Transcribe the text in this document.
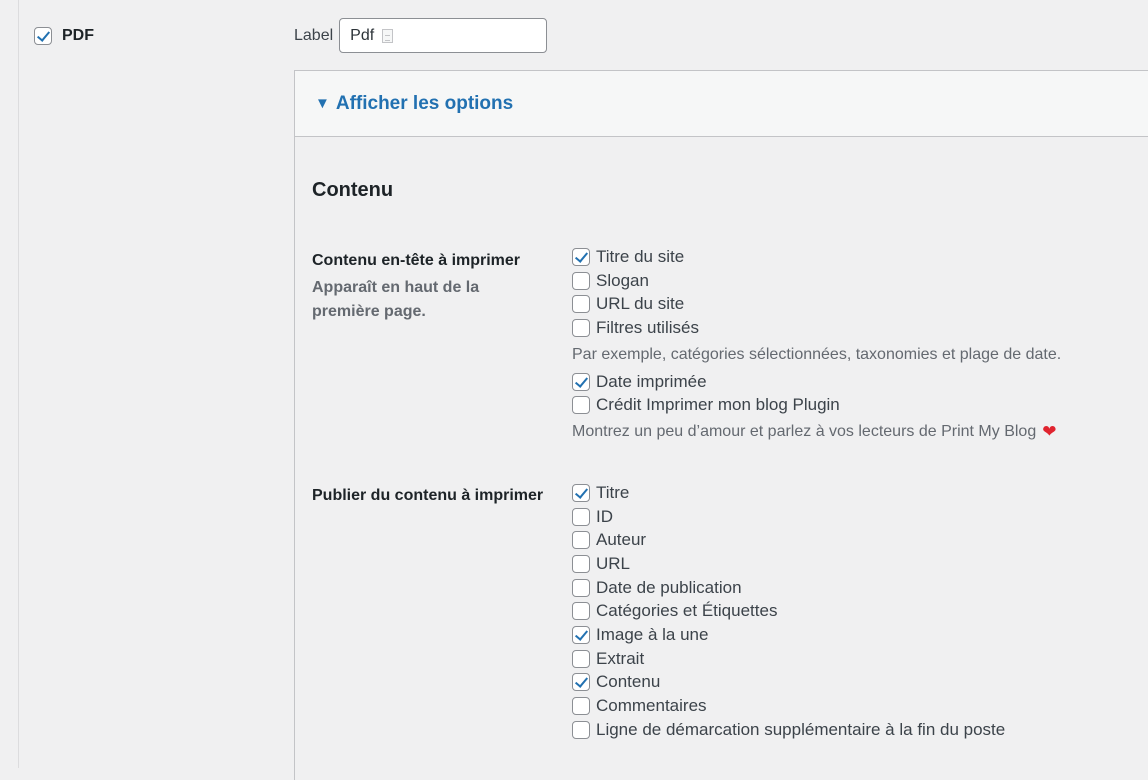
PDF	Label Pdf
▼ Afficher les options
Contenu
Contenu en-tête à imprimer
Apparaît en haut de la première page.
Titre du site
Slogan
URL du site
Filtres utilisés
Par exemple, catégories sélectionnées, taxonomies et plage de date.
Date imprimée
Crédit Imprimer mon blog Plugin
Montrez un peu d’amour et parlez à vos lecteurs de Print My Blog ❤
Publier du contenu à imprimer	Titre
ID
Auteur
URL
Date de publication
Catégories et Étiquettes
Image à la une
Extrait
Contenu
Commentaires
Ligne de démarcation supplémentaire à la fin du poste
